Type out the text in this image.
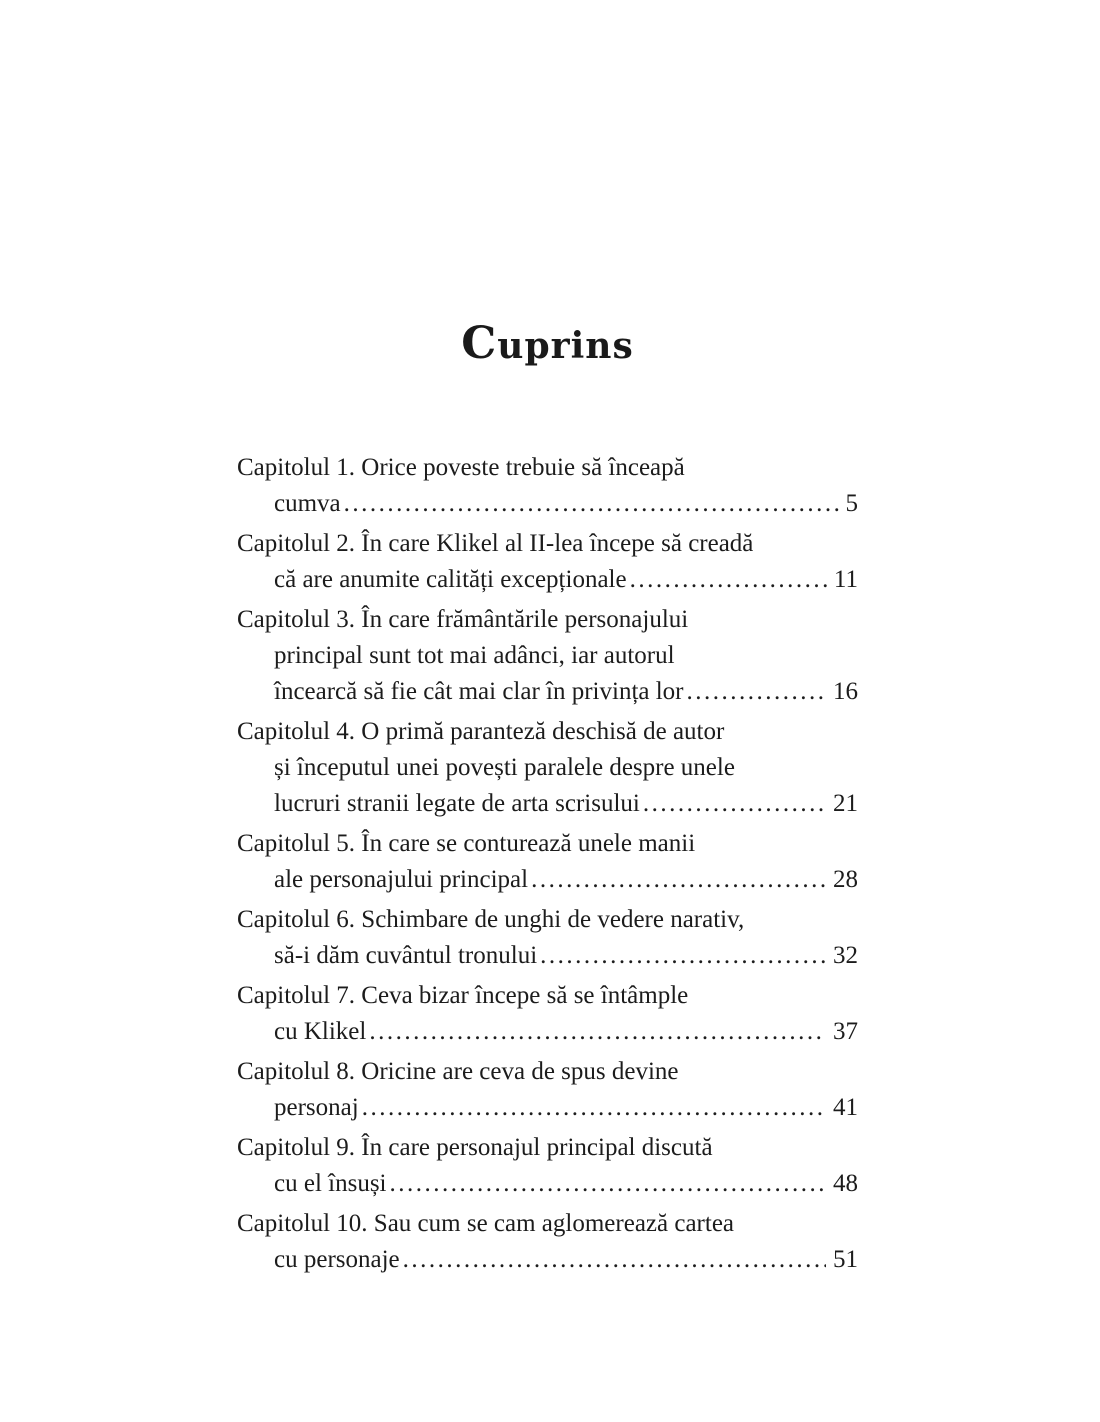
Cuprins
Capitolul 1. Orice poveste trebuie să înceapă
cumva .....	5
Capitolul 2. În care Klikel al II-lea începe să creadă
că are anumite calități excepționale .....	11
Capitolul 3. În care frământările personajului
principal sunt tot mai adânci, iar autorul
încearcă să fie cât mai clar în privința lor .....	16
Capitolul 4. O primă paranteză deschisă de autor
și începutul unei povești paralele despre unele
lucruri stranii legate de arta scrisului .....	21
Capitolul 5. În care se conturează unele manii
ale personajului principal .....	28
Capitolul 6. Schimbare de unghi de vedere narativ,
să-i dăm cuvântul tronului .....	32
Capitolul 7. Ceva bizar începe să se întâmple
cu Klikel .....	37
Capitolul 8. Oricine are ceva de spus devine
personaj .....	41
Capitolul 9. În care personajul principal discută
cu el însuși .....	48
Capitolul 10. Sau cum se cam aglomerează cartea
cu personaje .....	51
